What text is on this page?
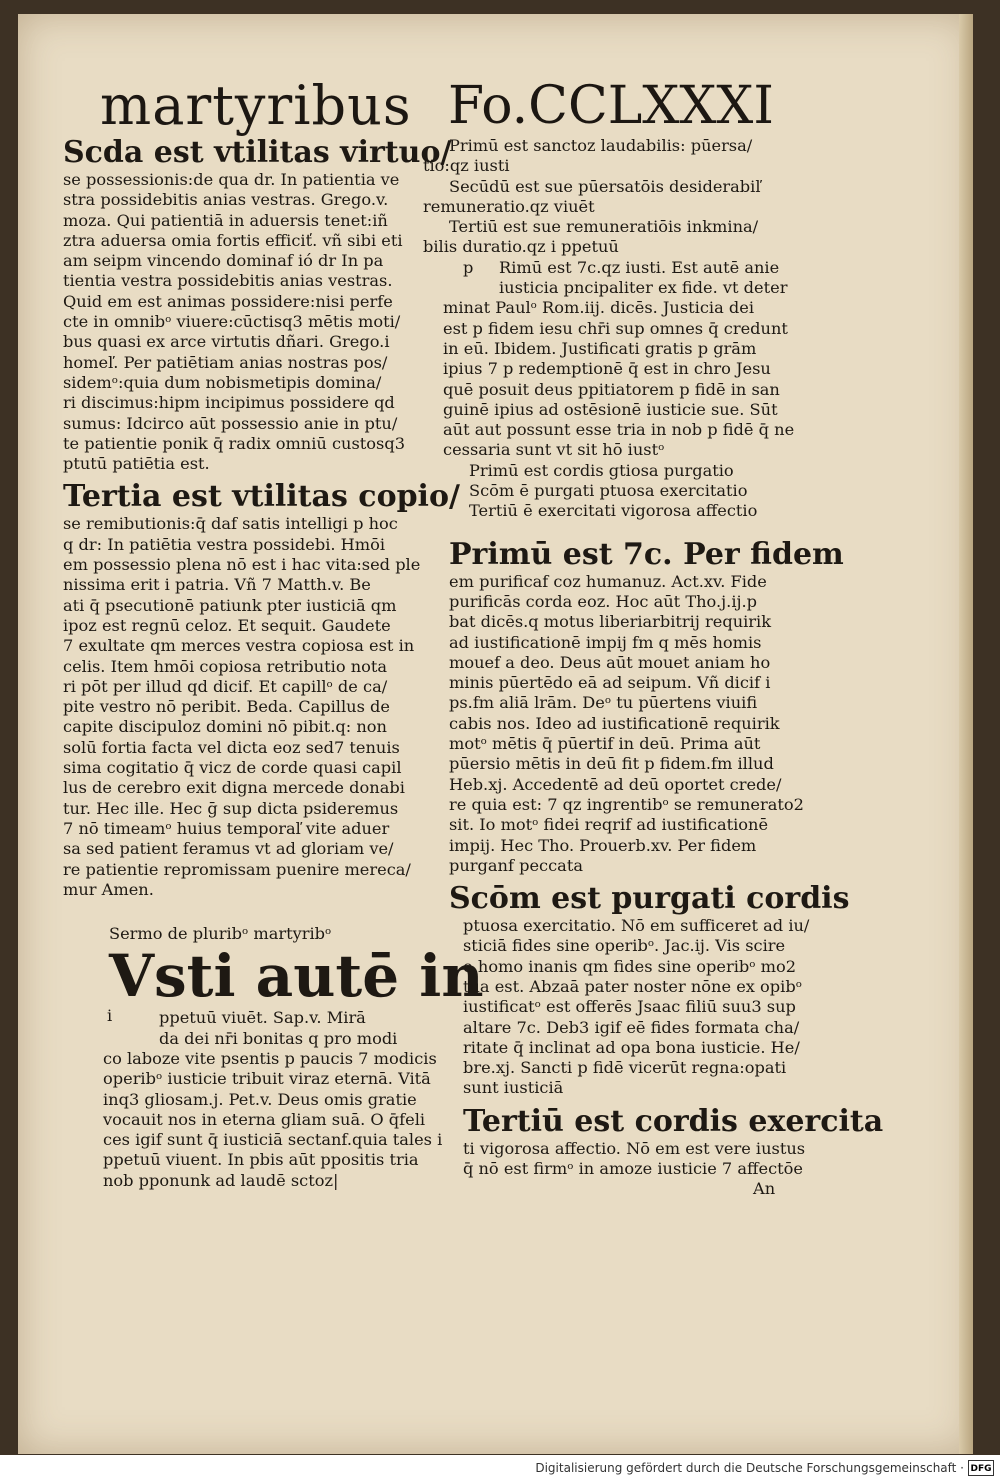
martyribus Fo.CCLXXXI

Scda est vtilitas virtuo/

se possessionis:de qua dr. In patientia ve

stra possidebitis anias vestras. Grego.v.

moza. Qui patientiā in aduersis tenet:iñ

ztra aduersa omia fortis efficiť. vñ sibi eti

am seipm vincendo dominaf ió dr In pa

tientia vestra possidebitis anias vestras.

Quid em est animas possidere:nisi perfe

cte in omnibᵒ viuere:cūctisq3 mētis moti/

bus quasi ex arce virtutis dñari. Grego.i

homeľ. Per patiētiam anias nostras pos/

sidemᵒ:quia dum nobismetipis domina/

ri discimus:hipm incipimus possidere qd

sumus: Idcirco aūt possessio anie in ptu/

te patientie ponik q̄ radix omniū custosq3

ptutū patiētia est.

Tertia est vtilitas copio/

se remibutionis:q̄ daf satis intelligi p hoc

q dr: In patiētia vestra possidebi. Hmōi

em possessio plena nō est i hac vita:sed ple

nissima erit i patria. Vñ 7 Matth.v. Be

ati q̄ psecutionē patiunk pter iusticiā qm

ipoz est regnū celoz. Et sequit. Gaudete

7 exultate qm merces vestra copiosa est in

celis. Item hmōi copiosa retributio nota

ri pōt per illud qd dicif. Et capillᵒ de ca/

pite vestro nō peribit. Beda. Capillus de

capite discipuloz domini nō pibit.q: non

solū fortia facta vel dicta eoz sed7 tenuis

sima cogitatio q̄ vicz de corde quasi capil

lus de cerebro exit digna mercede donabi

tur. Hec ille. Hec ḡ sup dicta psideremus

7 nō timeamᵒ huius temporaľ vite aduer

sa sed patient feramus vt ad gloriam ve/

re patientie repromissam puenire mereca/

mur Amen.

Sermo de pluribᵒ martyribᵒ

Vsti autē in

i	ppetuū viuēt. Sap.v. Mirā

da dei nr̄i bonitas q pro modi

co laboze vite psentis p paucis 7 modicis

operibᵒ iusticie tribuit viraz eternā. Vitā

inq3 gliosam.j. Pet.v. Deus omis gratie

vocauit nos in eterna gliam suā. O q̄feli

ces igif sunt q̄ iusticiā sectanf.quia tales i

ppetuū viuent. In pbis aūt ppositis tria

nob pponunk ad laudē sctoz|

Primū est sanctoz laudabilis: pūersa/

tio:qz iusti

Secūdū est sue pūersatōis desiderabiľ

remuneratio.qz viuēt

Tertiū est sue remuneratiōis inkmina/

bilis duratio.qz i ppetuū

p	Rimū est 7c.qz iusti. Est autē anie

iusticia pncipaliter ex fide. vt deter

minat Paulᵒ Rom.iij. dicēs. Justicia dei

est p fidem iesu chr̄i sup omnes q̄ credunt

in eū. Ibidem. Justificati gratis p grām

ipius 7 p redemptionē q̄ est in chro Jesu

quē posuit deus ppitiatorem p fidē in san

guinē ipius ad ostēsionē iusticie sue. Sūt

aūt aut possunt esse tria in nob p fidē q̄ ne

cessaria sunt vt sit hō iustᵒ

Primū est cordis gtiosa purgatio

Scōm ē purgati ptuosa exercitatio

Tertiū ē exercitati vigorosa affectio

Primū est 7c. Per fidem

em purificaf coz humanuz. Act.xv. Fide

purificās corda eoz. Hoc aūt Tho.j.ij.p

bat dicēs.q motus liberiarbitrij requirik

ad iustificationē impij fm q mēs homis

mouef a deo. Deus aūt mouet aniam ho

minis pūertēdo eā ad seipum. Vñ dicif i

ps.fm aliā lrām. Deᵒ tu pūertens viuifi

cabis nos. Ideo ad iustificationē requirik

motᵒ mētis q̄ pūertif in deū. Prima aūt

pūersio mētis in deū fit p fidem.fm illud

Heb.xj. Accedentē ad deū oportet crede/

re quia est: 7 qz ingrentibᵒ se remunerato2

sit. Io motᵒ fidei reqrif ad iustificationē

impij. Hec Tho. Prouerb.xv. Per fidem

purganf peccata

Scōm est purgati cordis

ptuosa exercitatio. Nō em sufficeret ad iu/

sticiā fides sine operibᵒ. Jac.ij. Vis scire

o homo inanis qm fides sine operibᵒ mo2

tua est. Abzaā pater noster nōne ex opibᵒ

iustificatᵒ est offerēs Jsaac filiū suu3 sup

altare 7c. Deb3 igif eē fides formata cha/

ritate q̄ inclinat ad opa bona iusticie. He/

bre.xj. Sancti p fidē vicerūt regna:opati

sunt iusticiā

Tertiū est cordis exercita

ti vigorosa affectio. Nō em est vere iustus

q̄ nō est firmᵒ in amoze iusticie 7 affectōe

An

Digitalisierung gefördert durch die Deutsche Forschungsgemeinschaft · DFG
